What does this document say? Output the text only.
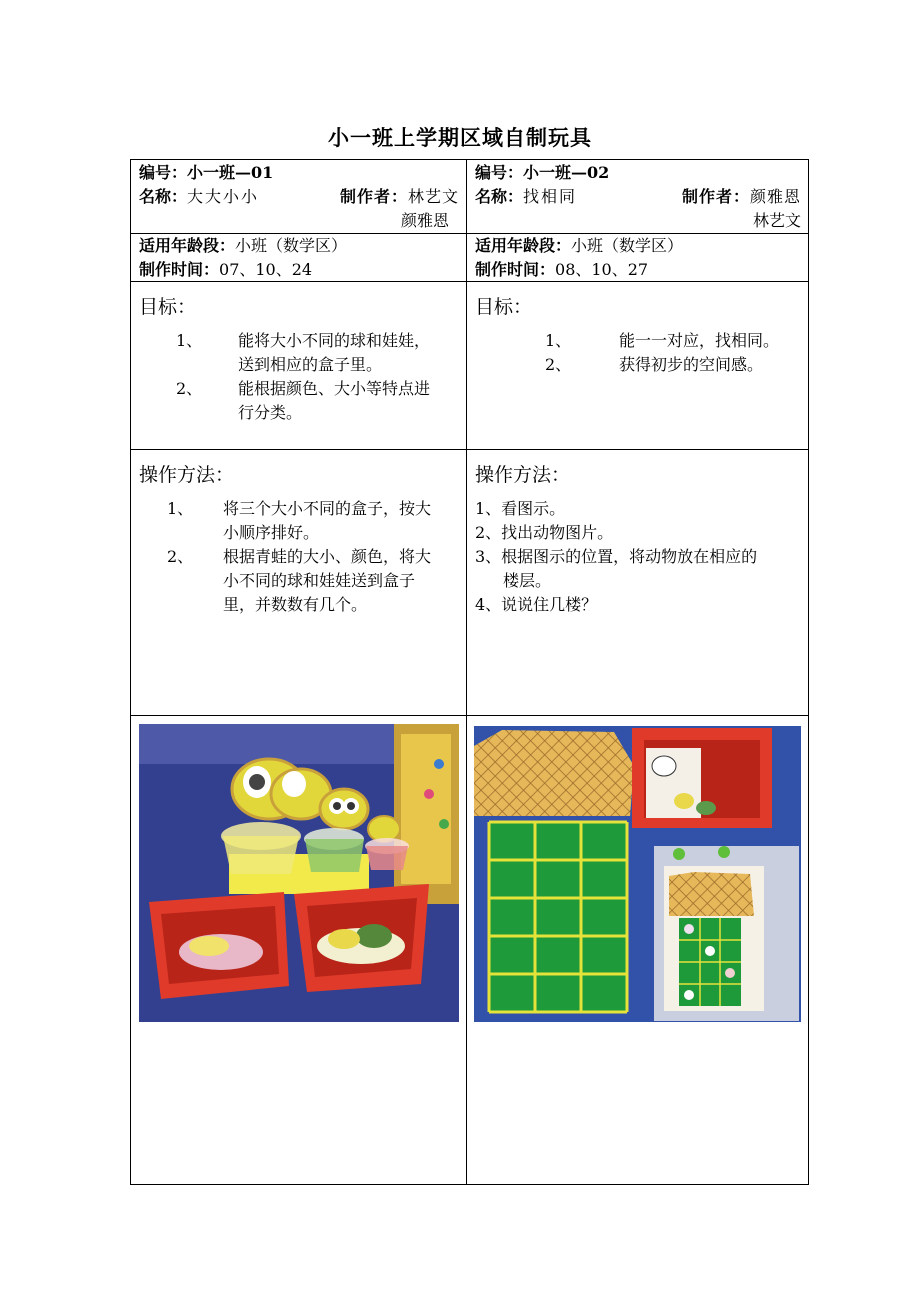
小一班上学期区域自制玩具
编号：小一班—01
名称：大大小小	制作者：林艺文
颜雅恩
编号：小一班—02
名称：找相同	制作者：颜雅恩
林艺文
适用年龄段：小班（数学区）
制作时间：07、10、24
适用年龄段：小班（数学区）
制作时间：08、10、27
目标：
1、	能将大小不同的球和娃娃，
送到相应的盒子里。
2、	能根据颜色、大小等特点进
行分类。
目标：
1、	能一一对应，找相同。
2、	获得初步的空间感。
操作方法：
1、	将三个大小不同的盒子，按大
小顺序排好。
2、	根据青蛙的大小、颜色，将大
小不同的球和娃娃送到盒子
里，并数数有几个。
操作方法：
1、看图示。
2、找出动物图片。
3、根据图示的位置，将动物放在相应的
楼层。
4、说说住几楼？
